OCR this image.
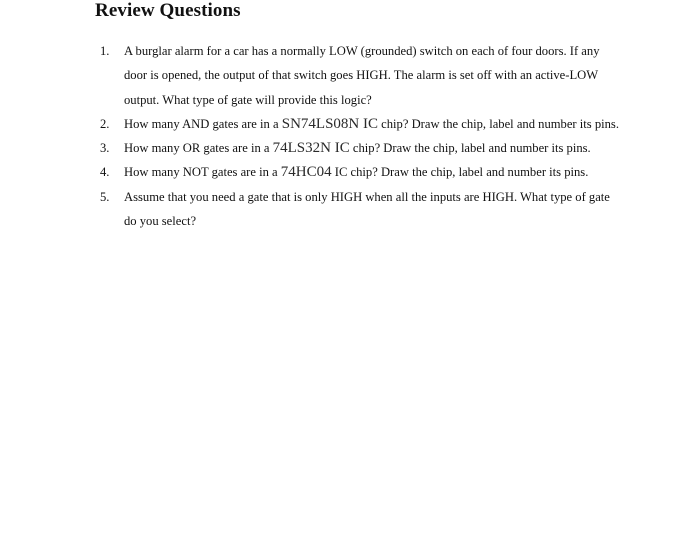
Review Questions
1. A burglar alarm for a car has a normally LOW (grounded) switch on each of four doors. If any door is opened, the output of that switch goes HIGH. The alarm is set off with an active-LOW output. What type of gate will provide this logic?
2. How many AND gates are in a SN74LS08N IC chip? Draw the chip, label and number its pins.
3. How many OR gates are in a 74LS32N IC chip? Draw the chip, label and number its pins.
4. How many NOT gates are in a 74HC04 IC chip? Draw the chip, label and number its pins.
5. Assume that you need a gate that is only HIGH when all the inputs are HIGH. What type of gate do you select?
